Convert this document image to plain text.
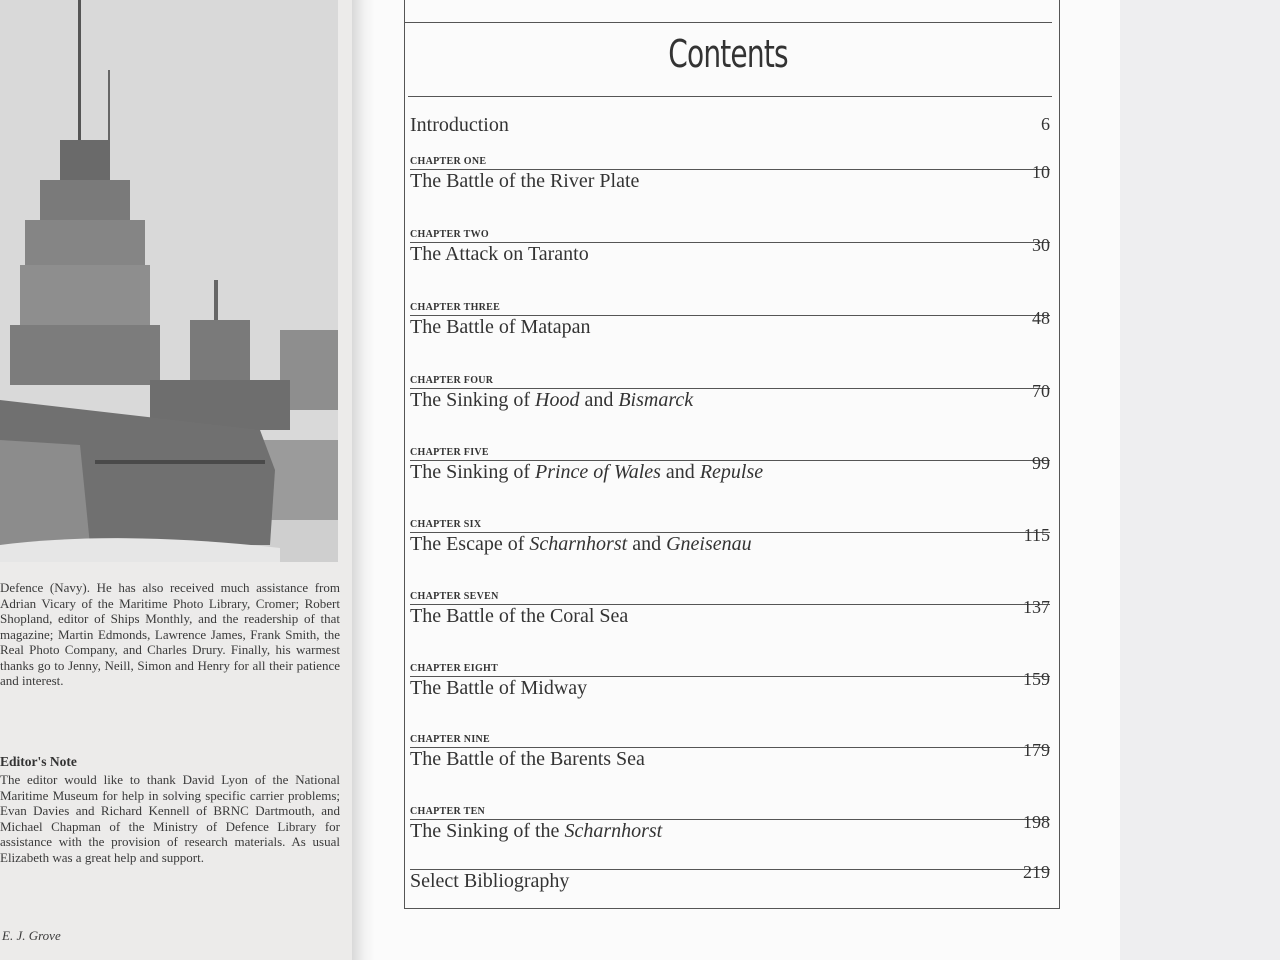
Defence (Navy). He has also received much assistance from Adrian Vicary of the Maritime Photo Library, Cromer; Robert Shopland, editor of Ships Monthly, and the readership of that magazine; Martin Edmonds, Lawrence James, Frank Smith, the Real Photo Company, and Charles Drury. Finally, his warmest thanks go to Jenny, Neill, Simon and Henry for all their patience and interest.

Editor's Note
The editor would like to thank David Lyon of the National Maritime Museum for help in solving specific carrier problems; Evan Davies and Richard Kennell of BRNC Dartmouth, and Michael Chapman of the Ministry of Defence Library for assistance with the provision of research materials. As usual Elizabeth was a great help and support.
E. J. Grove
Contents
Introduction	6
CHAPTER ONE
The Battle of the River Plate	10
CHAPTER TWO
The Attack on Taranto	30
CHAPTER THREE
The Battle of Matapan	48
CHAPTER FOUR
The Sinking of Hood and Bismarck	70
CHAPTER FIVE
The Sinking of Prince of Wales and Repulse	99
CHAPTER SIX
The Escape of Scharnhorst and Gneisenau	115
CHAPTER SEVEN
The Battle of the Coral Sea	137
CHAPTER EIGHT
The Battle of Midway	159
CHAPTER NINE
The Battle of the Barents Sea	179
CHAPTER TEN
The Sinking of the Scharnhorst	198
Select Bibliography	219
